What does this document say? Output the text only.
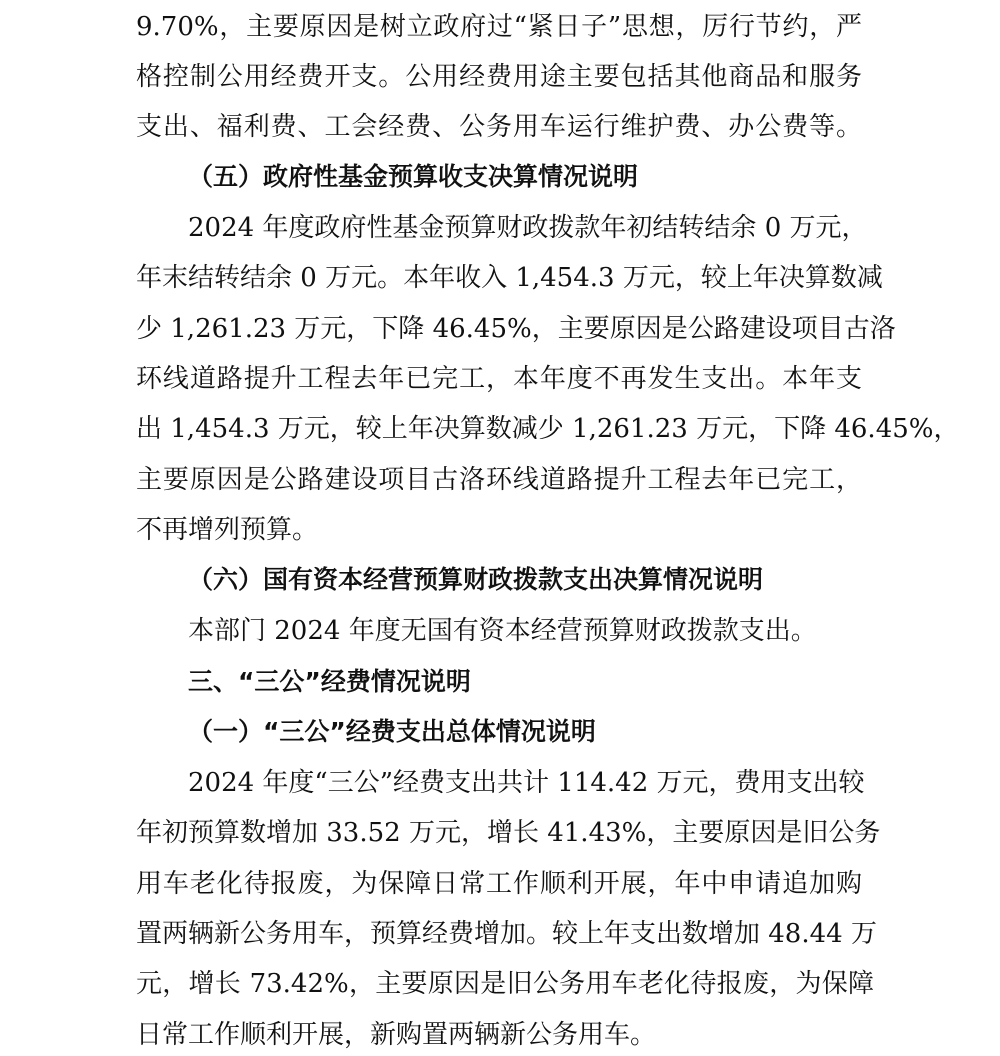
9.70%，主要原因是树立政府过“紧日子”思想，厉行节约，严
格控制公用经费开支。公用经费用途主要包括其他商品和服务
支出、福利费、工会经费、公务用车运行维护费、办公费等。
（五）政府性基金预算收支决算情况说明
2024 年度政府性基金预算财政拨款年初结转结余 0 万元，
年末结转结余 0 万元。本年收入 1,454.3 万元，较上年决算数减
少 1,261.23 万元，下降 46.45%，主要原因是公路建设项目古洛
环线道路提升工程去年已完工，本年度不再发生支出。本年支
出 1,454.3 万元，较上年决算数减少 1,261.23 万元，下降 46.45%，
主要原因是公路建设项目古洛环线道路提升工程去年已完工，
不再增列预算。
（六）国有资本经营预算财政拨款支出决算情况说明
本部门 2024 年度无国有资本经营预算财政拨款支出。
三、“三公”经费情况说明
（一）“三公”经费支出总体情况说明
2024 年度“三公”经费支出共计 114.42 万元，费用支出较
年初预算数增加 33.52 万元，增长 41.43%，主要原因是旧公务
用车老化待报废，为保障日常工作顺利开展，年中申请追加购
置两辆新公务用车，预算经费增加。较上年支出数增加 48.44 万
元，增长 73.42%，主要原因是旧公务用车老化待报废，为保障
日常工作顺利开展，新购置两辆新公务用车。
